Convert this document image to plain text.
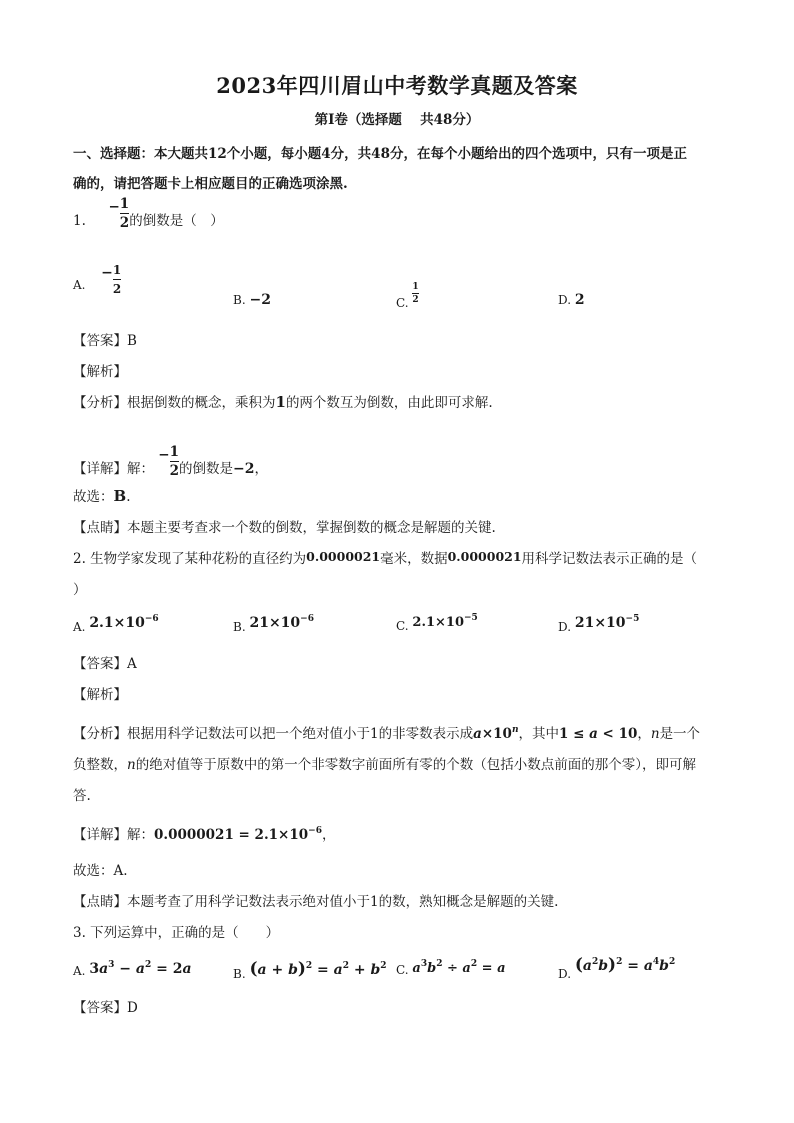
2023年四川眉山中考数学真题及答案
第Ⅰ卷（选择题　 共48分）
一、选择题：本大题共12个小题，每小题4分，共48分，在每个小题给出的四个选项中，只有一项是正
确的，请把答题卡上相应题目的正确选项涂黑.
1.  − $\frac{1}{2}$ 的倒数是（　）
A.  − $\frac{1}{2}$
B. −2	C. $\frac{1}{2}$	D. 2
【答案】B
【解析】
【分析】根据倒数的概念，乘积为1的两个数互为倒数，由此即可求解.
【详解】解： − $\frac{1}{2}$ 的倒数是−2，
故选：B.
【点睛】本题主要考查求一个数的倒数，掌握倒数的概念是解题的关键.
2. 生物学家发现了某种花粉的直径约为0.0000021毫米，数据0.0000021用科学记数法表示正确的是（
）
A. $2.1\times 10^{-6}$
B. $21\times 10^{-6}$	C. $2.1\times 10^{-5}$
D. $21\times 10^{-5}$
【答案】A
【解析】
【分析】根据用科学记数法可以把一个绝对值小于1的非零数表示成$a\times 10^n$，其中1 ≤ a < 10，n是一个
负整数，n的绝对值等于原数中的第一个非零数字前面所有零的个数（包括小数点前面的那个零），即可解
答.
【详解】解：$0.0000021 = 2.1\times 10^{-6}$，
故选：A.
【点睛】本题考查了用科学记数法表示绝对值小于1的数，熟知概念是解题的关键.
3. 下列运算中，正确的是（　　）
A. $3a^3 - a^2 = 2a$	B. $(a + b)^2 = a^2 + b^2$ C. $a^3b^2 \div a^2 = a$	D. $(a^2b)^2 = a^4b^2$
【答案】D
